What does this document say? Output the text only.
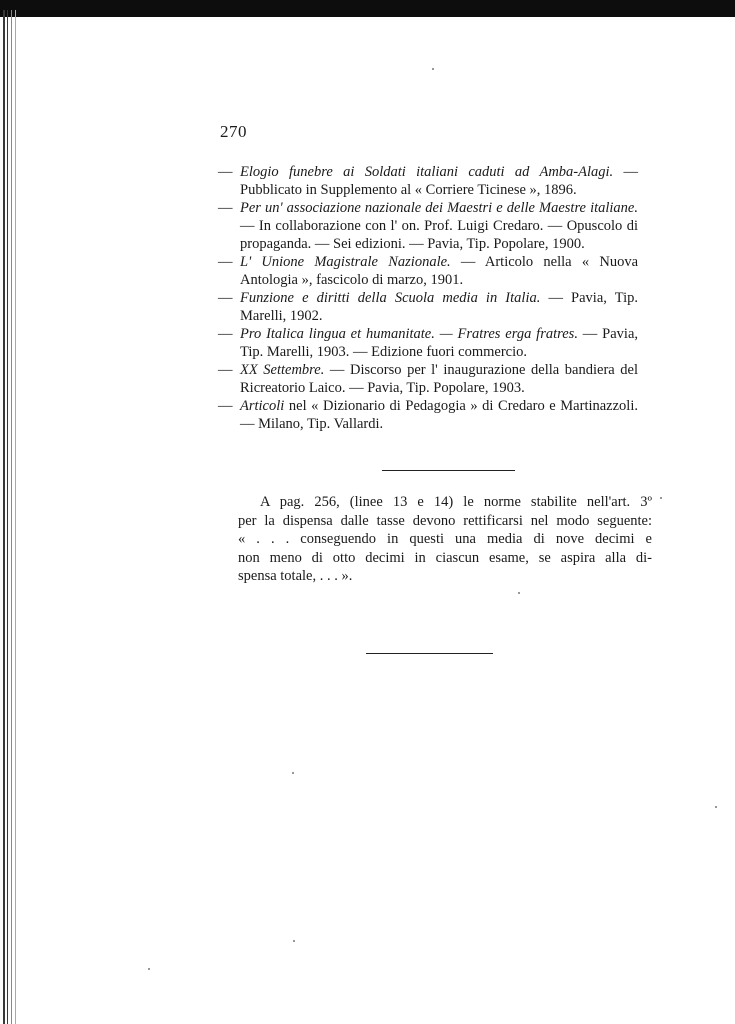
270
— Elogio funebre ai Soldati italiani caduti ad Amba-Alagi. — Pubblicato in Supplemento al « Corriere Ticinese », 1896.
— Per un' associazione nazionale dei Maestri e delle Maestre italiane. — In collaborazione con l' on. Prof. Luigi Credaro. — Opuscolo di propaganda. — Sei edizioni. — Pavia, Tip. Popolare, 1900.
— L' Unione Magistrale Nazionale. — Articolo nella « Nuova Antologia », fascicolo di marzo, 1901.
— Funzione e diritti della Scuola media in Italia. — Pavia, Tip. Marelli, 1902.
— Pro Italica lingua et humanitate. — Fratres erga fratres. — Pavia, Tip. Marelli, 1903. — Edizione fuori commercio.
— XX Settembre. — Discorso per l' inaugurazione della bandiera del Ricreatorio Laico. — Pavia, Tip. Popolare, 1903.
— Articoli nel « Dizionario di Pedagogia » di Credaro e Martinazzoli. — Milano, Tip. Vallardi.
A pag. 256, (linee 13 e 14) le norme stabilite nell'art. 3º
per la dispensa dalle tasse devono rettificarsi nel modo seguente:
« . . . conseguendo in questi una media di nove decimi e
non meno di otto decimi in ciascun esame, se aspira alla di-
spensa totale, . . . ».
